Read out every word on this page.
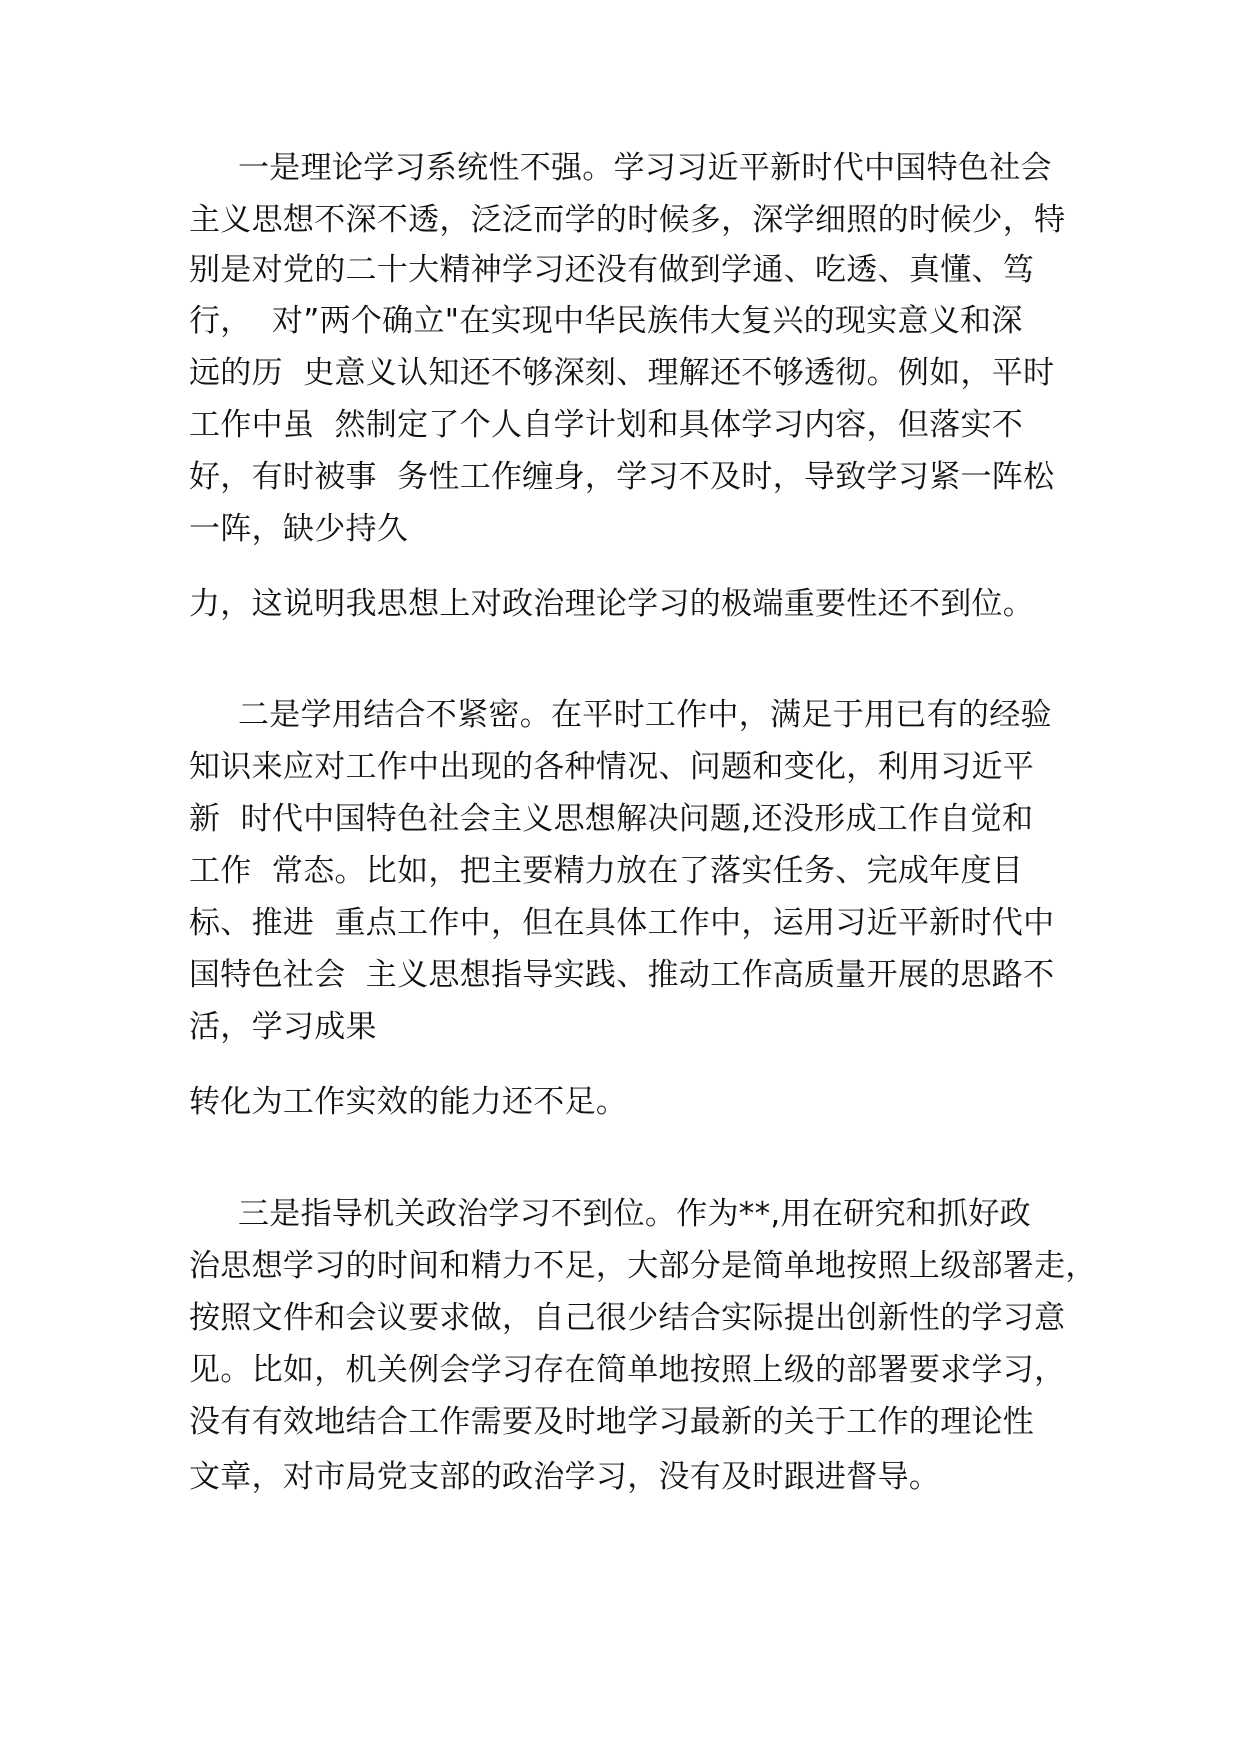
一是理论学习系统性不强。学习习近平新时代中国特色社会
主义思想不深不透，泛泛而学的时候多，深学细照的时候少，特
别是对党的二十大精神学习还没有做到学通、吃透、真懂、笃
行，  对”两个确立"在实现中华民族伟大复兴的现实意义和深
远的历  史意义认知还不够深刻、理解还不够透彻。例如，平时
工作中虽  然制定了个人自学计划和具体学习内容，但落实不
好，有时被事  务性工作缠身，学习不及时，导致学习紧一阵松
一阵，缺少持久
力，这说明我思想上对政治理论学习的极端重要性还不到位。
二是学用结合不紧密。在平时工作中，满足于用已有的经验
知识来应对工作中出现的各种情况、问题和变化，利用习近平
新  时代中国特色社会主义思想解决问题,还没形成工作自觉和
工作  常态。比如，把主要精力放在了落实任务、完成年度目
标、推进  重点工作中，但在具体工作中，运用习近平新时代中
国特色社会  主义思想指导实践、推动工作高质量开展的思路不
活，学习成果
转化为工作实效的能力还不足。
三是指导机关政治学习不到位。作为**,用在研究和抓好政
治思想学习的时间和精力不足，大部分是简单地按照上级部署走，
按照文件和会议要求做，自己很少结合实际提出创新性的学习意
见。比如，机关例会学习存在简单地按照上级的部署要求学习，
没有有效地结合工作需要及时地学习最新的关于工作的理论性
文章，对市局党支部的政治学习，没有及时跟进督导。
